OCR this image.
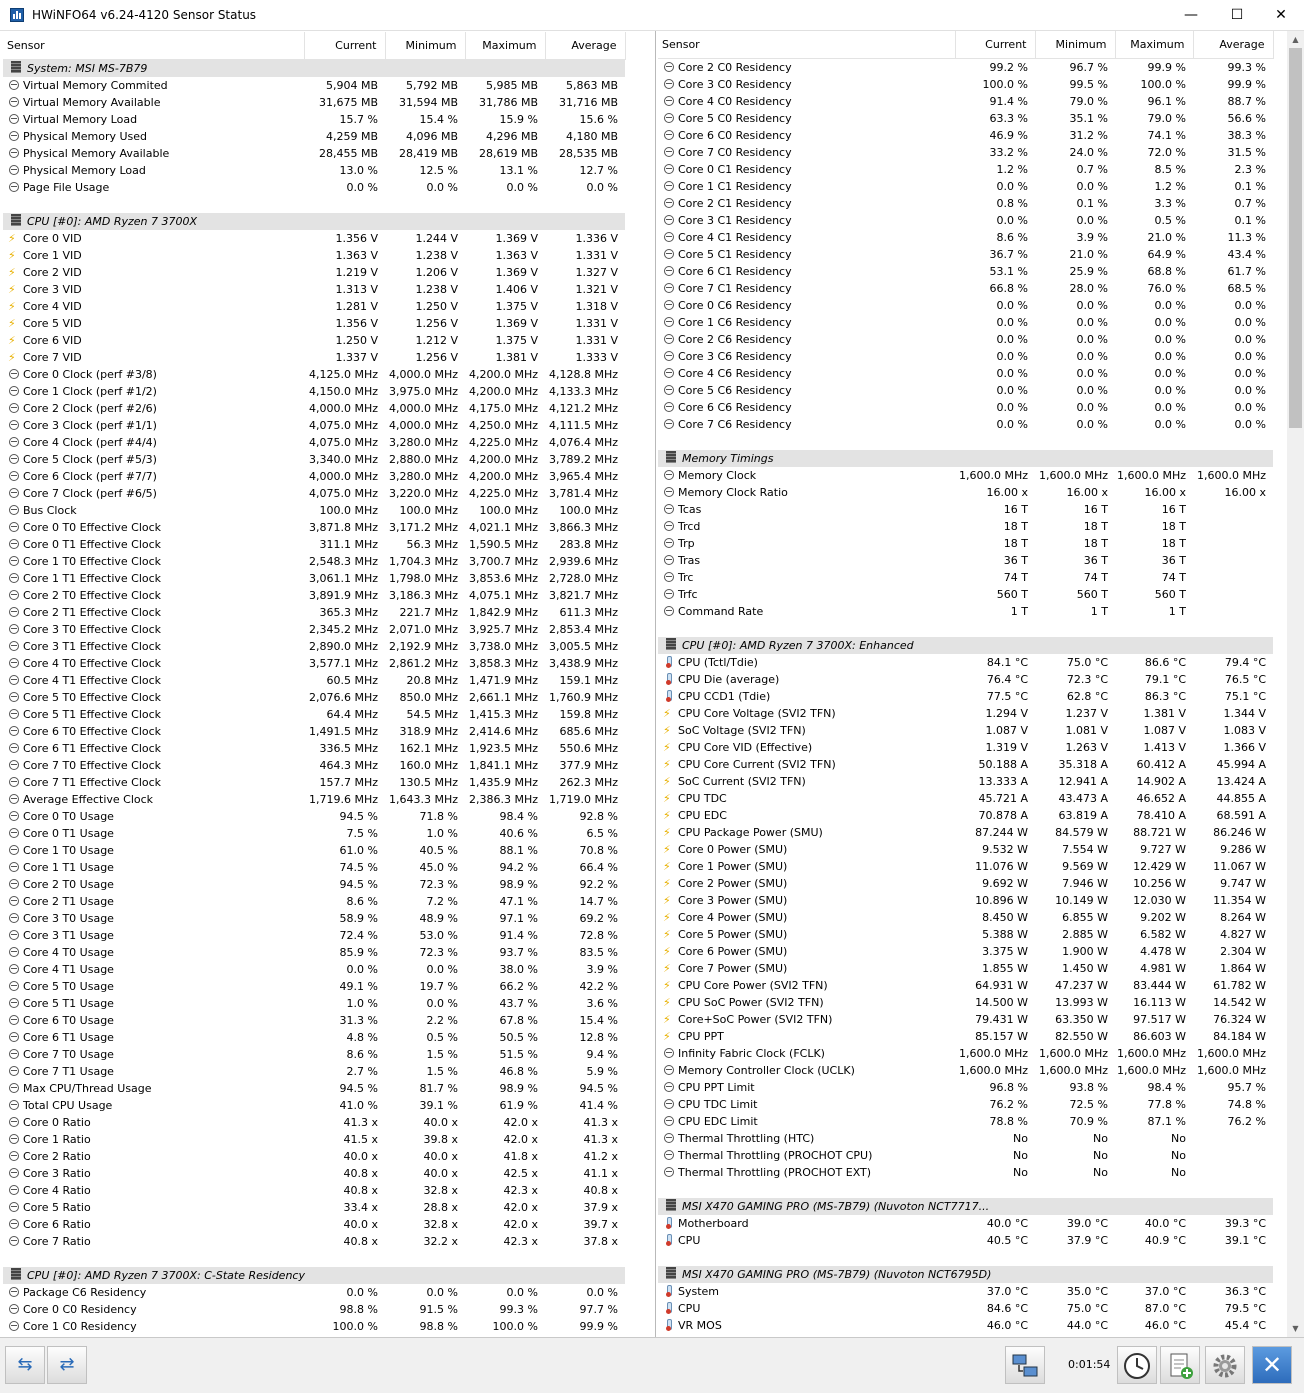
HWiNFO64 v6.24-4120 Sensor Status	—	☐	✕
Sensor	Current	Minimum	Maximum	Average
System: MSI MS-7B79				
Virtual Memory Commited	5,904 MB	5,792 MB	5,985 MB	5,863 MB
Virtual Memory Available	31,675 MB	31,594 MB	31,786 MB	31,716 MB
Virtual Memory Load	15.7 %	15.4 %	15.9 %	15.6 %
Physical Memory Used	4,259 MB	4,096 MB	4,296 MB	4,180 MB
Physical Memory Available	28,455 MB	28,419 MB	28,619 MB	28,535 MB
Physical Memory Load	13.0 %	12.5 %	13.1 %	12.7 %
Page File Usage	0.0 %	0.0 %	0.0 %	0.0 %

CPU [#0]: AMD Ryzen 7 3700X				
⚡Core 0 VID	1.356 V	1.244 V	1.369 V	1.336 V
⚡Core 1 VID	1.363 V	1.238 V	1.363 V	1.331 V
⚡Core 2 VID	1.219 V	1.206 V	1.369 V	1.327 V
⚡Core 3 VID	1.313 V	1.238 V	1.406 V	1.321 V
⚡Core 4 VID	1.281 V	1.250 V	1.375 V	1.318 V
⚡Core 5 VID	1.356 V	1.256 V	1.369 V	1.331 V
⚡Core 6 VID	1.250 V	1.212 V	1.375 V	1.331 V
⚡Core 7 VID	1.337 V	1.256 V	1.381 V	1.333 V
Core 0 Clock (perf #3/8)	4,125.0 MHz	4,000.0 MHz	4,200.0 MHz	4,128.8 MHz
Core 1 Clock (perf #1/2)	4,150.0 MHz	3,975.0 MHz	4,200.0 MHz	4,133.3 MHz
Core 2 Clock (perf #2/6)	4,000.0 MHz	4,000.0 MHz	4,175.0 MHz	4,121.2 MHz
Core 3 Clock (perf #1/1)	4,075.0 MHz	4,000.0 MHz	4,250.0 MHz	4,111.5 MHz
Core 4 Clock (perf #4/4)	4,075.0 MHz	3,280.0 MHz	4,225.0 MHz	4,076.4 MHz
Core 5 Clock (perf #5/3)	3,340.0 MHz	2,880.0 MHz	4,200.0 MHz	3,789.2 MHz
Core 6 Clock (perf #7/7)	4,000.0 MHz	3,280.0 MHz	4,200.0 MHz	3,965.4 MHz
Core 7 Clock (perf #6/5)	4,075.0 MHz	3,220.0 MHz	4,225.0 MHz	3,781.4 MHz
Bus Clock	100.0 MHz	100.0 MHz	100.0 MHz	100.0 MHz
Core 0 T0 Effective Clock	3,871.8 MHz	3,171.2 MHz	4,021.1 MHz	3,866.3 MHz
Core 0 T1 Effective Clock	311.1 MHz	56.3 MHz	1,590.5 MHz	283.8 MHz
Core 1 T0 Effective Clock	2,548.3 MHz	1,704.3 MHz	3,700.7 MHz	2,939.6 MHz
Core 1 T1 Effective Clock	3,061.1 MHz	1,798.0 MHz	3,853.6 MHz	2,728.0 MHz
Core 2 T0 Effective Clock	3,891.9 MHz	3,186.3 MHz	4,075.1 MHz	3,821.7 MHz
Core 2 T1 Effective Clock	365.3 MHz	221.7 MHz	1,842.9 MHz	611.3 MHz
Core 3 T0 Effective Clock	2,345.2 MHz	2,071.0 MHz	3,925.7 MHz	2,853.4 MHz
Core 3 T1 Effective Clock	2,890.0 MHz	2,192.9 MHz	3,738.0 MHz	3,005.5 MHz
Core 4 T0 Effective Clock	3,577.1 MHz	2,861.2 MHz	3,858.3 MHz	3,438.9 MHz
Core 4 T1 Effective Clock	60.5 MHz	20.8 MHz	1,471.9 MHz	159.1 MHz
Core 5 T0 Effective Clock	2,076.6 MHz	850.0 MHz	2,661.1 MHz	1,760.9 MHz
Core 5 T1 Effective Clock	64.4 MHz	54.5 MHz	1,415.3 MHz	159.8 MHz
Core 6 T0 Effective Clock	1,491.5 MHz	318.9 MHz	2,414.6 MHz	685.6 MHz
Core 6 T1 Effective Clock	336.5 MHz	162.1 MHz	1,923.5 MHz	550.6 MHz
Core 7 T0 Effective Clock	464.3 MHz	160.0 MHz	1,841.1 MHz	377.9 MHz
Core 7 T1 Effective Clock	157.7 MHz	130.5 MHz	1,435.9 MHz	262.3 MHz
Average Effective Clock	1,719.6 MHz	1,643.3 MHz	2,386.3 MHz	1,719.0 MHz
Core 0 T0 Usage	94.5 %	71.8 %	98.4 %	92.8 %
Core 0 T1 Usage	7.5 %	1.0 %	40.6 %	6.5 %
Core 1 T0 Usage	61.0 %	40.5 %	88.1 %	70.8 %
Core 1 T1 Usage	74.5 %	45.0 %	94.2 %	66.4 %
Core 2 T0 Usage	94.5 %	72.3 %	98.9 %	92.2 %
Core 2 T1 Usage	8.6 %	7.2 %	47.1 %	14.7 %
Core 3 T0 Usage	58.9 %	48.9 %	97.1 %	69.2 %
Core 3 T1 Usage	72.4 %	53.0 %	91.4 %	72.8 %
Core 4 T0 Usage	85.9 %	72.3 %	93.7 %	83.5 %
Core 4 T1 Usage	0.0 %	0.0 %	38.0 %	3.9 %
Core 5 T0 Usage	49.1 %	19.7 %	66.2 %	42.2 %
Core 5 T1 Usage	1.0 %	0.0 %	43.7 %	3.6 %
Core 6 T0 Usage	31.3 %	2.2 %	67.8 %	15.4 %
Core 6 T1 Usage	4.8 %	0.5 %	50.5 %	12.8 %
Core 7 T0 Usage	8.6 %	1.5 %	51.5 %	9.4 %
Core 7 T1 Usage	2.7 %	1.5 %	46.8 %	5.9 %
Max CPU/Thread Usage	94.5 %	81.7 %	98.9 %	94.5 %
Total CPU Usage	41.0 %	39.1 %	61.9 %	41.4 %
Core 0 Ratio	41.3 x	40.0 x	42.0 x	41.3 x
Core 1 Ratio	41.5 x	39.8 x	42.0 x	41.3 x
Core 2 Ratio	40.0 x	40.0 x	41.8 x	41.2 x
Core 3 Ratio	40.8 x	40.0 x	42.5 x	41.1 x
Core 4 Ratio	40.8 x	32.8 x	42.3 x	40.8 x
Core 5 Ratio	33.4 x	28.8 x	42.0 x	37.9 x
Core 6 Ratio	40.0 x	32.8 x	42.0 x	39.7 x
Core 7 Ratio	40.8 x	32.2 x	42.3 x	37.8 x

CPU [#0]: AMD Ryzen 7 3700X: C-State Residency				
Package C6 Residency	0.0 %	0.0 %	0.0 %	0.0 %
Core 0 C0 Residency	98.8 %	91.5 %	99.3 %	97.7 %
Core 1 C0 Residency	100.0 %	98.8 %	100.0 %	99.9 %
Sensor	Current	Minimum	Maximum	Average
Core 2 C0 Residency	99.2 %	96.7 %	99.9 %	99.3 %
Core 3 C0 Residency	100.0 %	99.5 %	100.0 %	99.9 %
Core 4 C0 Residency	91.4 %	79.0 %	96.1 %	88.7 %
Core 5 C0 Residency	63.3 %	35.1 %	79.0 %	56.6 %
Core 6 C0 Residency	46.9 %	31.2 %	74.1 %	38.3 %
Core 7 C0 Residency	33.2 %	24.0 %	72.0 %	31.5 %
Core 0 C1 Residency	1.2 %	0.7 %	8.5 %	2.3 %
Core 1 C1 Residency	0.0 %	0.0 %	1.2 %	0.1 %
Core 2 C1 Residency	0.8 %	0.1 %	3.3 %	0.7 %
Core 3 C1 Residency	0.0 %	0.0 %	0.5 %	0.1 %
Core 4 C1 Residency	8.6 %	3.9 %	21.0 %	11.3 %
Core 5 C1 Residency	36.7 %	21.0 %	64.9 %	43.4 %
Core 6 C1 Residency	53.1 %	25.9 %	68.8 %	61.7 %
Core 7 C1 Residency	66.8 %	28.0 %	76.0 %	68.5 %
Core 0 C6 Residency	0.0 %	0.0 %	0.0 %	0.0 %
Core 1 C6 Residency	0.0 %	0.0 %	0.0 %	0.0 %
Core 2 C6 Residency	0.0 %	0.0 %	0.0 %	0.0 %
Core 3 C6 Residency	0.0 %	0.0 %	0.0 %	0.0 %
Core 4 C6 Residency	0.0 %	0.0 %	0.0 %	0.0 %
Core 5 C6 Residency	0.0 %	0.0 %	0.0 %	0.0 %
Core 6 C6 Residency	0.0 %	0.0 %	0.0 %	0.0 %
Core 7 C6 Residency	0.0 %	0.0 %	0.0 %	0.0 %

Memory Timings				
Memory Clock	1,600.0 MHz	1,600.0 MHz	1,600.0 MHz	1,600.0 MHz
Memory Clock Ratio	16.00 x	16.00 x	16.00 x	16.00 x
Tcas	16 T	16 T	16 T	
Trcd	18 T	18 T	18 T	
Trp	18 T	18 T	18 T	
Tras	36 T	36 T	36 T	
Trc	74 T	74 T	74 T	
Trfc	560 T	560 T	560 T	
Command Rate	1 T	1 T	1 T	

CPU [#0]: AMD Ryzen 7 3700X: Enhanced				
CPU (Tctl/Tdie)	84.1 °C	75.0 °C	86.6 °C	79.4 °C
CPU Die (average)	76.4 °C	72.3 °C	79.1 °C	76.5 °C
CPU CCD1 (Tdie)	77.5 °C	62.8 °C	86.3 °C	75.1 °C
⚡CPU Core Voltage (SVI2 TFN)	1.294 V	1.237 V	1.381 V	1.344 V
⚡SoC Voltage (SVI2 TFN)	1.087 V	1.081 V	1.087 V	1.083 V
⚡CPU Core VID (Effective)	1.319 V	1.263 V	1.413 V	1.366 V
⚡CPU Core Current (SVI2 TFN)	50.188 A	35.318 A	60.412 A	45.994 A
⚡SoC Current (SVI2 TFN)	13.333 A	12.941 A	14.902 A	13.424 A
⚡CPU TDC	45.721 A	43.473 A	46.652 A	44.855 A
⚡CPU EDC	70.878 A	63.819 A	78.410 A	68.591 A
⚡CPU Package Power (SMU)	87.244 W	84.579 W	88.721 W	86.246 W
⚡Core 0 Power (SMU)	9.532 W	7.554 W	9.727 W	9.286 W
⚡Core 1 Power (SMU)	11.076 W	9.569 W	12.429 W	11.067 W
⚡Core 2 Power (SMU)	9.692 W	7.946 W	10.256 W	9.747 W
⚡Core 3 Power (SMU)	10.896 W	10.149 W	12.030 W	11.354 W
⚡Core 4 Power (SMU)	8.450 W	6.855 W	9.202 W	8.264 W
⚡Core 5 Power (SMU)	5.388 W	2.885 W	6.582 W	4.827 W
⚡Core 6 Power (SMU)	3.375 W	1.900 W	4.478 W	2.304 W
⚡Core 7 Power (SMU)	1.855 W	1.450 W	4.981 W	1.864 W
⚡CPU Core Power (SVI2 TFN)	64.931 W	47.237 W	83.444 W	61.782 W
⚡CPU SoC Power (SVI2 TFN)	14.500 W	13.993 W	16.113 W	14.542 W
⚡Core+SoC Power (SVI2 TFN)	79.431 W	63.350 W	97.517 W	76.324 W
⚡CPU PPT	85.157 W	82.550 W	86.603 W	84.184 W
Infinity Fabric Clock (FCLK)	1,600.0 MHz	1,600.0 MHz	1,600.0 MHz	1,600.0 MHz
Memory Controller Clock (UCLK)	1,600.0 MHz	1,600.0 MHz	1,600.0 MHz	1,600.0 MHz
CPU PPT Limit	96.8 %	93.8 %	98.4 %	95.7 %
CPU TDC Limit	76.2 %	72.5 %	77.8 %	74.8 %
CPU EDC Limit	78.8 %	70.9 %	87.1 %	76.2 %
Thermal Throttling (HTC)	No	No	No	
Thermal Throttling (PROCHOT CPU)	No	No	No	
Thermal Throttling (PROCHOT EXT)	No	No	No	

MSI X470 GAMING PRO (MS-7B79) (Nuvoton NCT7717...				
Motherboard	40.0 °C	39.0 °C	40.0 °C	39.3 °C
CPU	40.5 °C	37.9 °C	40.9 °C	39.1 °C

MSI X470 GAMING PRO (MS-7B79) (Nuvoton NCT6795D)				
System	37.0 °C	35.0 °C	37.0 °C	36.3 °C
CPU	84.6 °C	75.0 °C	87.0 °C	79.5 °C
VR MOS	46.0 °C	44.0 °C	46.0 °C	45.4 °C
▲
▼
⇆	⇄	0:01:54	✕
